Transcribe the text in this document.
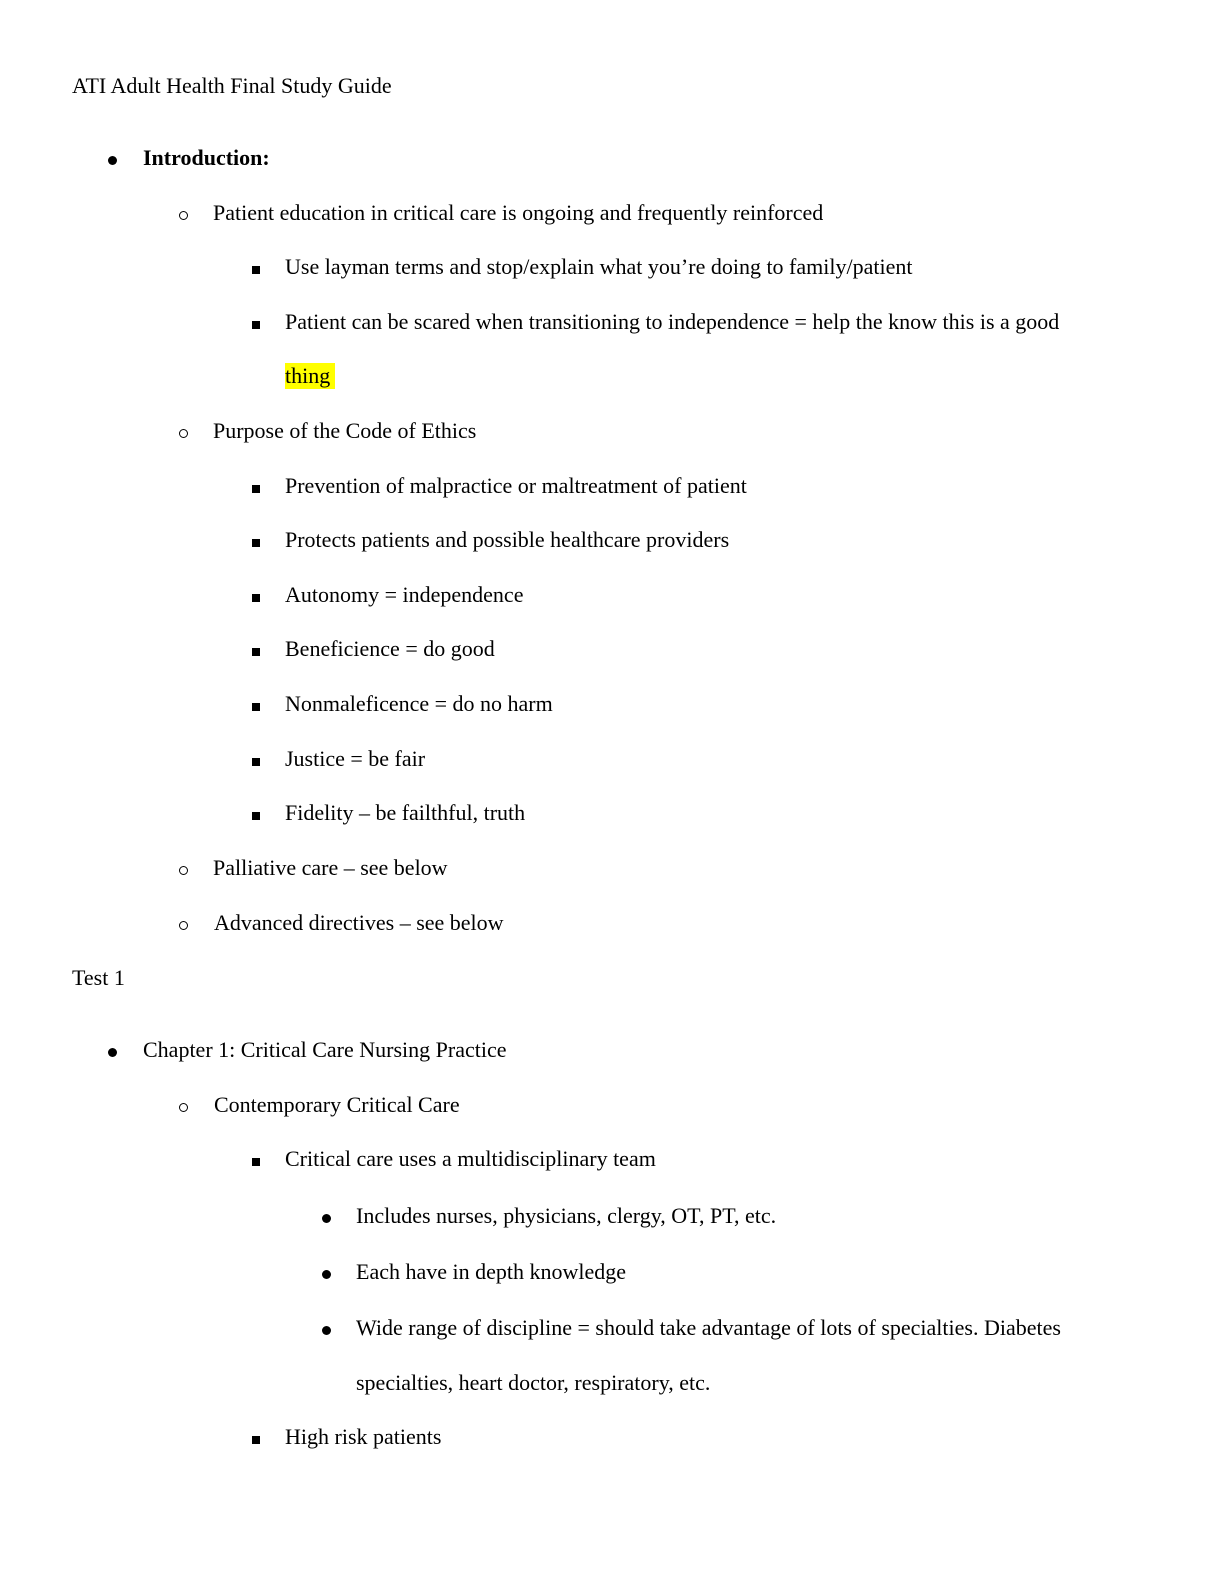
ATI Adult Health Final Study Guide
Introduction:
Patient education in critical care is ongoing and frequently reinforced
Use layman terms and stop/explain what you’re doing to family/patient
Patient can be scared when transitioning to independence = help the know this is a good
thing
Purpose of the Code of Ethics
Prevention of malpractice or maltreatment of patient
Protects patients and possible healthcare providers
Autonomy = independence
Beneficience = do good
Nonmaleficence = do no harm
Justice = be fair
Fidelity – be failthful, truth
Palliative care – see below
Advanced directives – see below
Test 1
Chapter 1: Critical Care Nursing Practice
Contemporary Critical Care
Critical care uses a multidisciplinary team
Includes nurses, physicians, clergy, OT, PT, etc.
Each have in depth knowledge
Wide range of discipline = should take advantage of lots of specialties. Diabetes
specialties, heart doctor, respiratory, etc.
High risk patients
